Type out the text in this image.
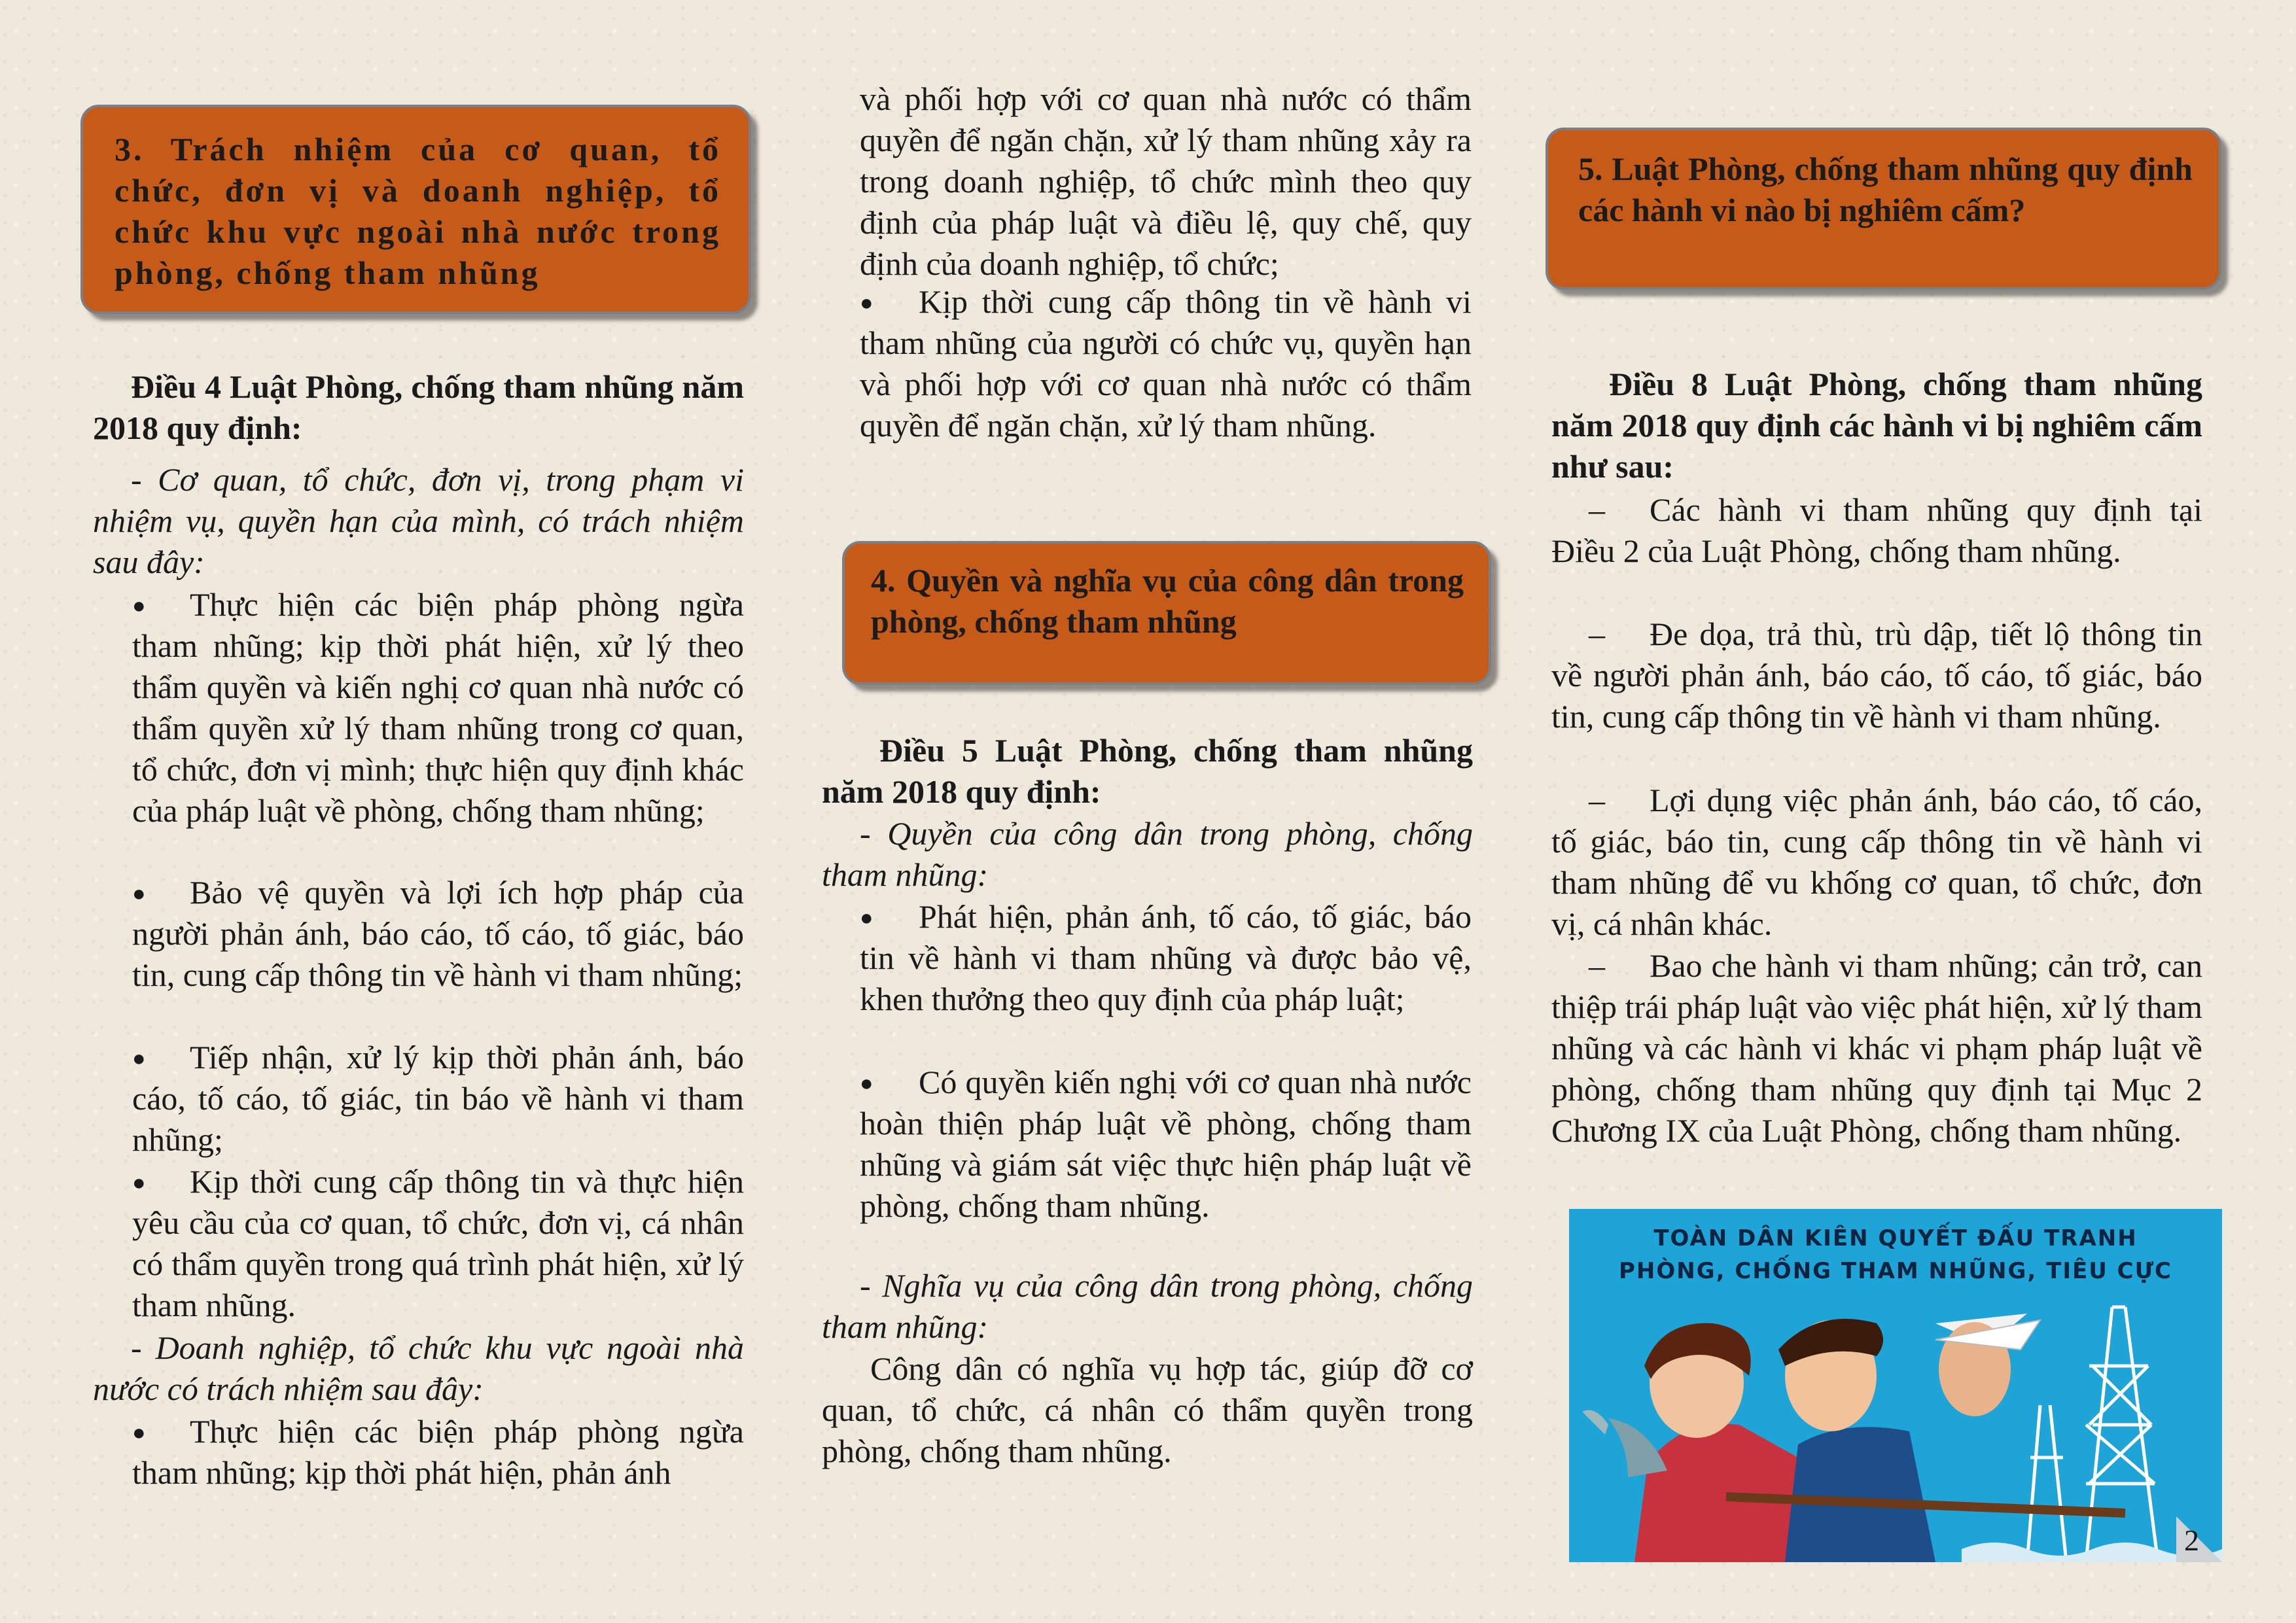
3. Trách nhiệm của cơ quan, tổ chức, đơn vị và doanh nghiệp, tổ chức khu vực ngoài nhà nước trong phòng, chống tham nhũng

Điều 4 Luật Phòng, chống tham nhũng năm 2018 quy định:

- Cơ quan, tổ chức, đơn vị, trong phạm vi nhiệm vụ, quyền hạn của mình, có trách nhiệm sau đây:

●	Thực hiện các biện pháp phòng ngừa tham nhũng; kịp thời phát hiện, xử lý theo thẩm quyền và kiến nghị cơ quan nhà nước có thẩm quyền xử lý tham nhũng trong cơ quan, tổ chức, đơn vị mình; thực hiện quy định khác của pháp luật về phòng, chống tham nhũng;

●	Bảo vệ quyền và lợi ích hợp pháp của người phản ánh, báo cáo, tố cáo, tố giác, báo tin, cung cấp thông tin về hành vi tham nhũng;

●	Tiếp nhận, xử lý kịp thời phản ánh, báo cáo, tố cáo, tố giác, tin báo về hành vi tham nhũng;

●	Kịp thời cung cấp thông tin và thực hiện yêu cầu của cơ quan, tổ chức, đơn vị, cá nhân có thẩm quyền trong quá trình phát hiện, xử lý tham nhũng.

- Doanh nghiệp, tổ chức khu vực ngoài nhà nước có trách nhiệm sau đây:

●	Thực hiện các biện pháp phòng ngừa tham nhũng; kịp thời phát hiện, phản ánh

và phối hợp với cơ quan nhà nước có thẩm quyền để ngăn chặn, xử lý tham nhũng xảy ra trong doanh nghiệp, tổ chức mình theo quy định của pháp luật và điều lệ, quy chế, quy định của doanh nghiệp, tổ chức;

●	Kịp thời cung cấp thông tin về hành vi tham nhũng của người có chức vụ, quyền hạn và phối hợp với cơ quan nhà nước có thẩm quyền để ngăn chặn, xử lý tham nhũng.

4. Quyền và nghĩa vụ của công dân trong phòng, chống tham nhũng

Điều 5 Luật Phòng, chống tham nhũng năm 2018 quy định:

- Quyền của công dân trong phòng, chống tham nhũng:

●	Phát hiện, phản ánh, tố cáo, tố giác, báo tin về hành vi tham nhũng và được bảo vệ, khen thưởng theo quy định của pháp luật;

●	Có quyền kiến nghị với cơ quan nhà nước hoàn thiện pháp luật về phòng, chống tham nhũng và giám sát việc thực hiện pháp luật về phòng, chống tham nhũng.

- Nghĩa vụ của công dân trong phòng, chống tham nhũng:

Công dân có nghĩa vụ hợp tác, giúp đỡ cơ quan, tổ chức, cá nhân có thẩm quyền trong phòng, chống tham nhũng.

5. Luật Phòng, chống tham nhũng quy định các hành vi nào bị nghiêm cấm?

Điều 8 Luật Phòng, chống tham nhũng năm 2018 quy định các hành vi bị nghiêm cấm như sau:

–	Các hành vi tham nhũng quy định tại Điều 2 của Luật Phòng, chống tham nhũng.

–	Đe dọa, trả thù, trù dập, tiết lộ thông tin về người phản ánh, báo cáo, tố cáo, tố giác, báo tin, cung cấp thông tin về hành vi tham nhũng.

–	Lợi dụng việc phản ánh, báo cáo, tố cáo, tố giác, báo tin, cung cấp thông tin về hành vi tham nhũng để vu khống cơ quan, tổ chức, đơn vị, cá nhân khác.

–	Bao che hành vi tham nhũng; cản trở, can thiệp trái pháp luật vào việc phát hiện, xử lý tham nhũng và các hành vi khác vi phạm pháp luật về phòng, chống tham nhũng quy định tại Mục 2 Chương IX của Luật Phòng, chống tham nhũng.

TOÀN DÂN KIÊN QUYẾT ĐẤU TRANH
PHÒNG, CHỐNG THAM NHŨNG, TIÊU CỰC
2
